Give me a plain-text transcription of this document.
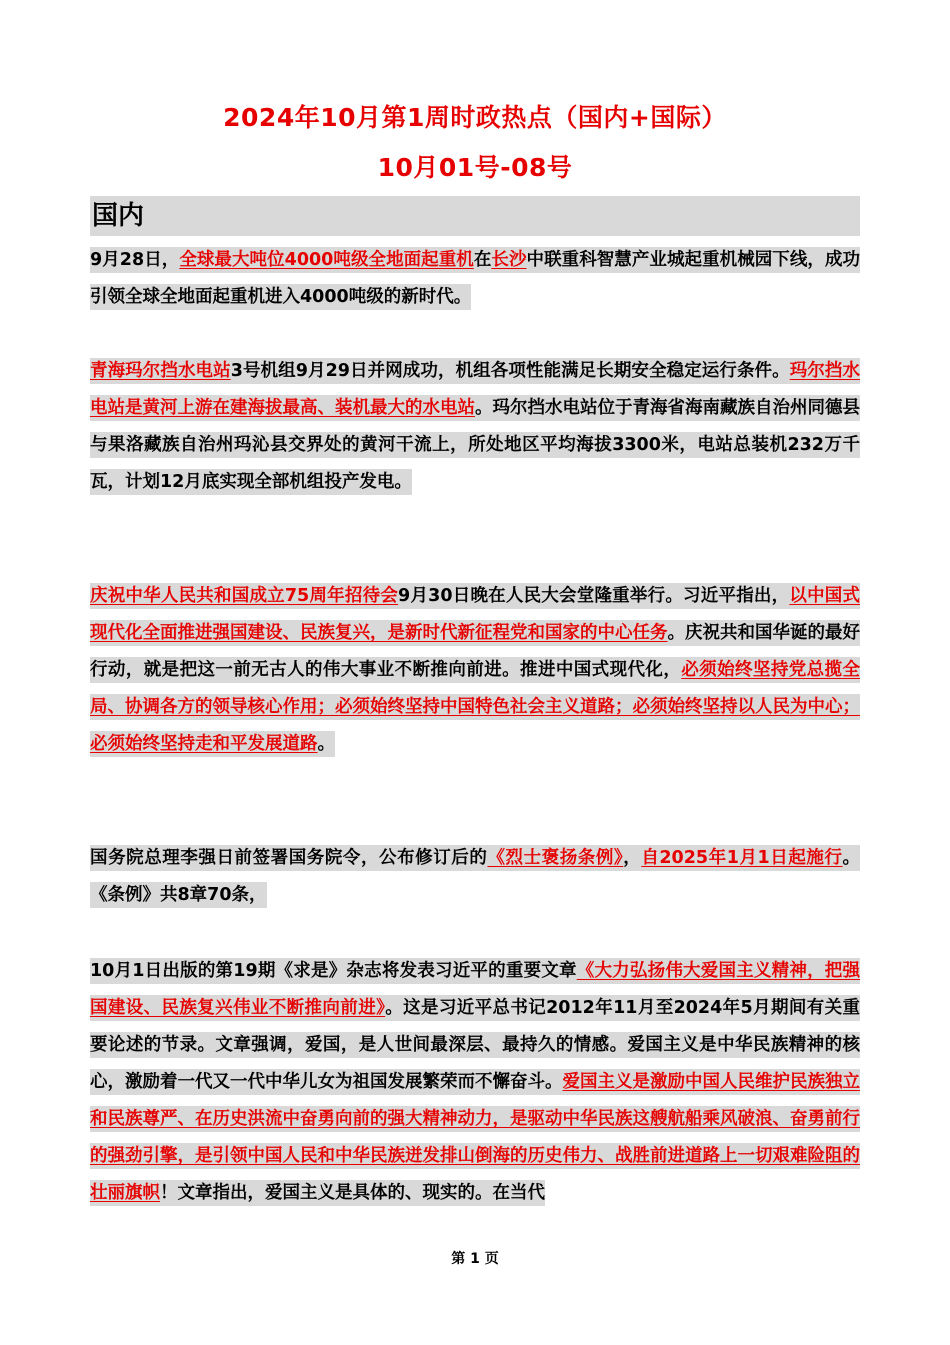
2024年10月第1周时政热点（国内+国际）
10月01号-08号
国内
9月28日，全球最大吨位4000吨级全地面起重机在长沙中联重科智慧产业城起重机械园下线，成功引领全球全地面起重机进入4000吨级的新时代。
青海玛尔挡水电站3号机组9月29日并网成功，机组各项性能满足长期安全稳定运行条件。玛尔挡水电站是黄河上游在建海拔最高、装机最大的水电站。玛尔挡水电站位于青海省海南藏族自治州同德县与果洛藏族自治州玛沁县交界处的黄河干流上，所处地区平均海拔3300米，电站总装机232万千瓦，计划12月底实现全部机组投产发电。
庆祝中华人民共和国成立75周年招待会9月30日晚在人民大会堂隆重举行。习近平指出，以中国式现代化全面推进强国建设、民族复兴，是新时代新征程党和国家的中心任务。庆祝共和国华诞的最好行动，就是把这一前无古人的伟大事业不断推向前进。推进中国式现代化，必须始终坚持党总揽全局、协调各方的领导核心作用；必须始终坚持中国特色社会主义道路；必须始终坚持以人民为中心；必须始终坚持走和平发展道路。
国务院总理李强日前签署国务院令，公布修订后的《烈士褒扬条例》，自2025年1月1日起施行。《条例》共8章70条，
10月1日出版的第19期《求是》杂志将发表习近平的重要文章《大力弘扬伟大爱国主义精神，把强国建设、民族复兴伟业不断推向前进》。这是习近平总书记2012年11月至2024年5月期间有关重要论述的节录。文章强调，爱国，是人世间最深层、最持久的情感。爱国主义是中华民族精神的核心，激励着一代又一代中华儿女为祖国发展繁荣而不懈奋斗。爱国主义是激励中国人民维护民族独立和民族尊严、在历史洪流中奋勇向前的强大精神动力，是驱动中华民族这艘航船乘风破浪、奋勇前行的强劲引擎，是引领中国人民和中华民族迸发排山倒海的历史伟力、战胜前进道路上一切艰难险阻的壮丽旗帜！文章指出，爱国主义是具体的、现实的。在当代
第 1 页
